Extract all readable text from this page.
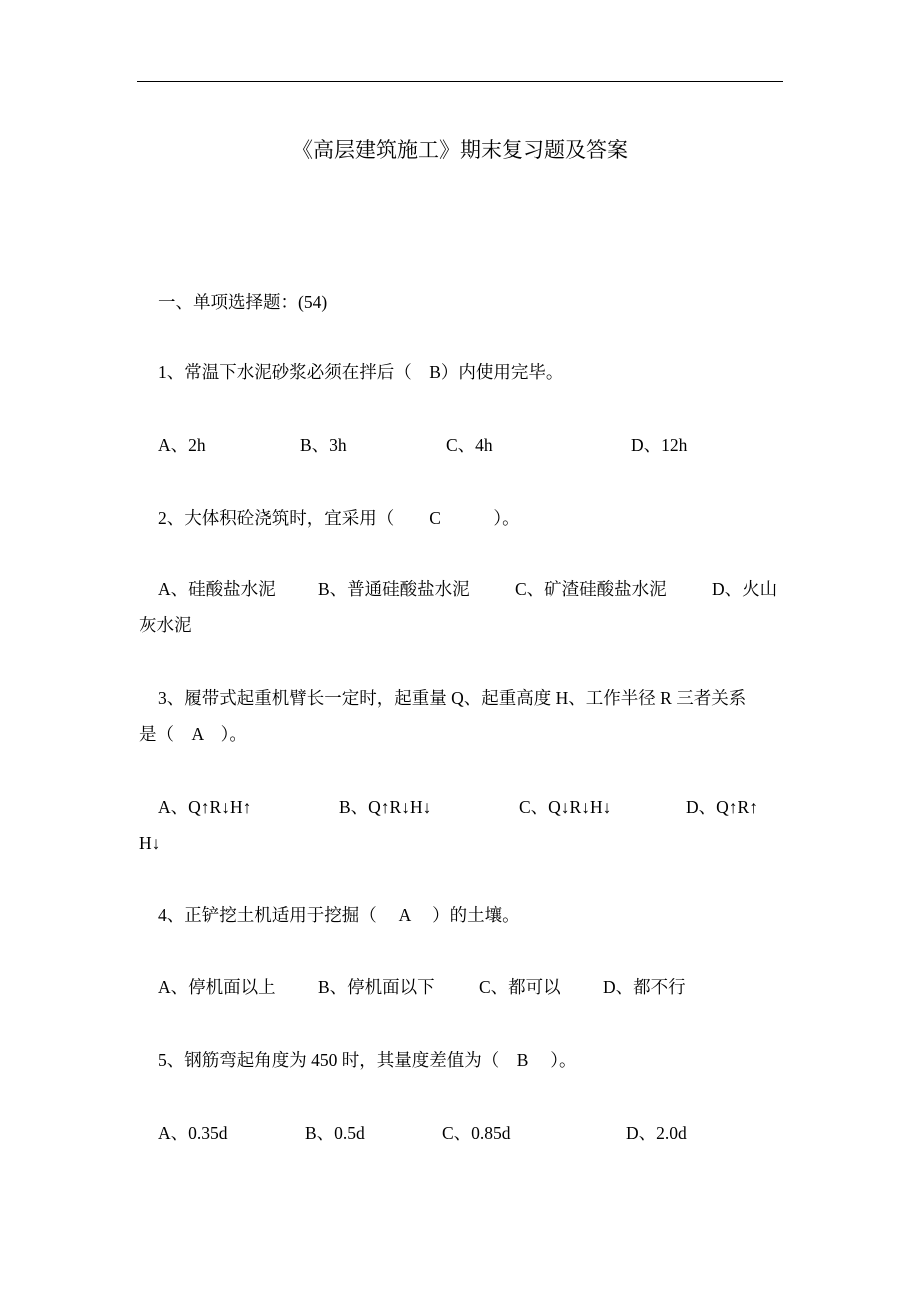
《高层建筑施工》期末复习题及答案
一、单项选择题：(54)
1、常温下水泥砂浆必须在拌后（    B）内使用完毕。
A、2h	B、3h	C、4h	D、12h
2、大体积砼浇筑时，宜采用（        C            ）。
A、硅酸盐水泥 B、普通硅酸盐水泥	C、矿渣硅酸盐水泥	D、火山
灰水泥
3、履带式起重机臂长一定时，起重量 Q、起重高度 H、工作半径 R 三者关系
是（    A    ）。
A、Q↑R↓H↑	B、Q↑R↓H↓	C、Q↓R↓H↓	D、Q↑R↑
H↓
4、正铲挖土机适用于挖掘（     A     ）的土壤。
A、停机面以上 B、停机面以下	C、都可以 D、都不行
5、钢筋弯起角度为 450 时，其量度差值为（    B     ）。
A、0.35d	B、0.5d	C、0.85d	D、2.0d
